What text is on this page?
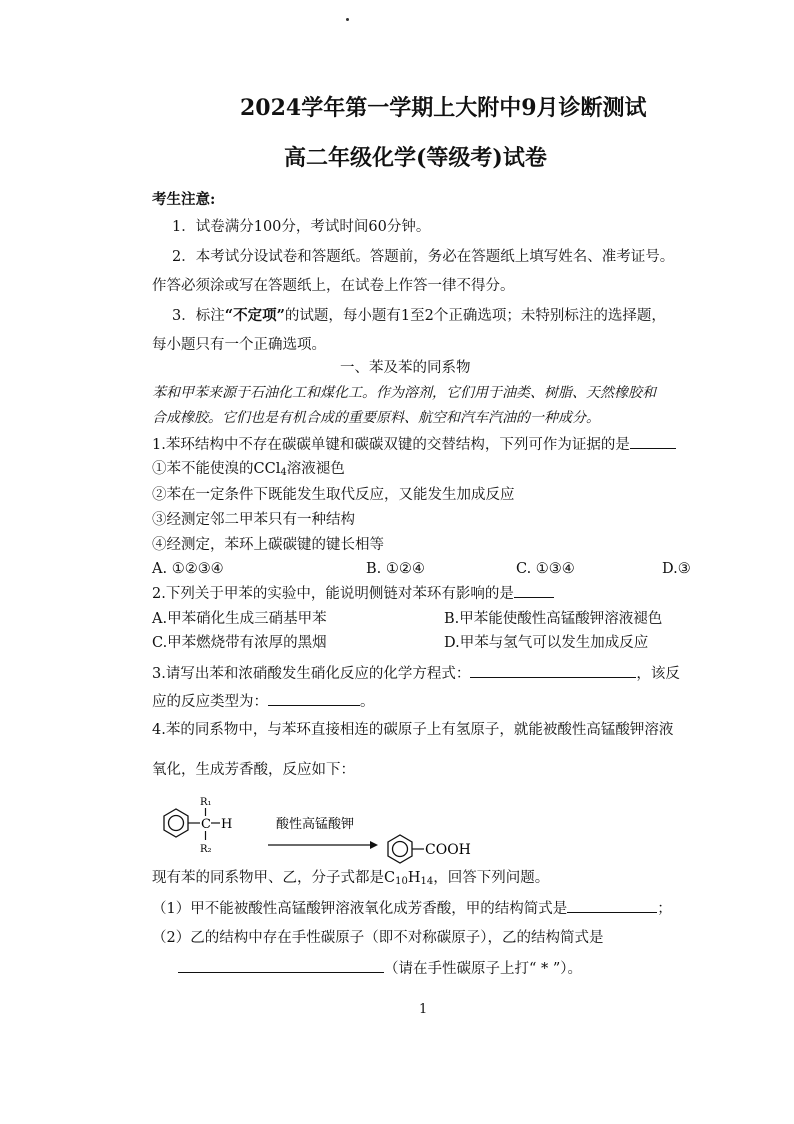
2024学年第一学期上大附中9月诊断测试
高二年级化学(等级考)试卷
考生注意:
1．试卷满分100分，考试时间60分钟。
2．本考试分设试卷和答题纸。答题前，务必在答题纸上填写姓名、准考证号。
作答必须涂或写在答题纸上，在试卷上作答一律不得分。
3．标注“不定项”的试题，每小题有1至2个正确选项；未特别标注的选择题，
每小题只有一个正确选项。
一、苯及苯的同系物
苯和甲苯来源于石油化工和煤化工。作为溶剂，它们用于油类、树脂、天然橡胶和
合成橡胶。它们也是有机合成的重要原料、航空和汽车汽油的一种成分。
1.苯环结构中不存在碳碳单键和碳碳双键的交替结构，下列可作为证据的是
①苯不能使溴的CCl$_4$溶液褪色
②苯在一定条件下既能发生取代反应，又能发生加成反应
③经测定邻二甲苯只有一种结构
④经测定，苯环上碳碳键的键长相等
A. ①②③④	B. ①②④	C. ①③④	D.③
2.下列关于甲苯的实验中，能说明侧链对苯环有影响的是
A.甲苯硝化生成三硝基甲苯	B.甲苯能使酸性高锰酸钾溶液褪色
C.甲苯燃烧带有浓厚的黑烟	D.甲苯与氢气可以发生加成反应
3.请写出苯和浓硝酸发生硝化反应的化学方程式：	，该反
应的反应类型为：	。
4.苯的同系物中，与苯环直接相连的碳原子上有氢原子，就能被酸性高锰酸钾溶液
氧化，生成芳香酸，反应如下：
C H
R₁
R₂
酸性高锰酸钾
COOH
现有苯的同系物甲、乙，分子式都是$C_{10}H_{14}$，回答下列问题。
（1）甲不能被酸性高锰酸钾溶液氧化成芳香酸，甲的结构简式是	；
（2）乙的结构中存在手性碳原子（即不对称碳原子），乙的结构简式是
（请在手性碳原子上打“ * ”）。
1
